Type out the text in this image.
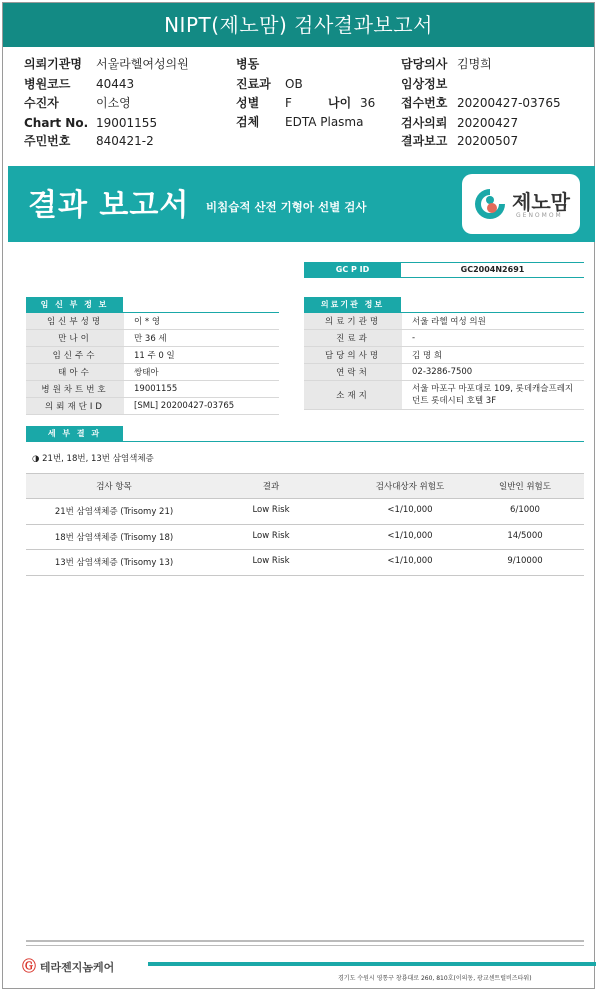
NIPT(제노맘) 검사결과보고서
의뢰기관명 서울라헬여성의원
병원코드 40443
수진자	이소영
Chart No. 19001155
주민번호 840421-2
병동
진료과 OB
성별 F	나이 36
검체 EDTA Plasma
담당의사 김명희
임상정보
접수번호 20200427-03765
검사의뢰 20200427
결과보고 20200507
결과 보고서 비침습적 산전 기형아 선별 검사	제노맘
GENOMOM
GC P ID	GC2004N2691
임 신 부 정 보
임신부성명	이 * 영
만나이	만 36 세
임신주수	11 주 0 일
태아수	쌍태아
병원차트번호	19001155
의뢰재단ID	[SML] 20200427-03765
의료기관 정보
의료기관명	서울 라헬 여성 의원
진료과	-
담당의사명	김 명 희
연락처	02-3286-7500
소재지	서울 마포구 마포대로 109, 롯데캐슬프레지던트 롯데시티 호텔 3F
세 부 결 과
◑ 21번, 18번, 13번 삼염색체증
검사 항목	결과	검사대상자 위험도	일반인 위험도
21번 삼염색체증 (Trisomy 21)	Low Risk	<1/10,000	6/1000
18번 삼염색체증 (Trisomy 18)	Low Risk	<1/10,000	14/5000
13번 삼염색체증 (Trisomy 13)	Low Risk	<1/10,000	9/10000
Ⓖ 테라젠지놈케어
경기도 수원시 영통구 창룡대로 260, 810호(이의동, 광교센트럴비즈타워)
